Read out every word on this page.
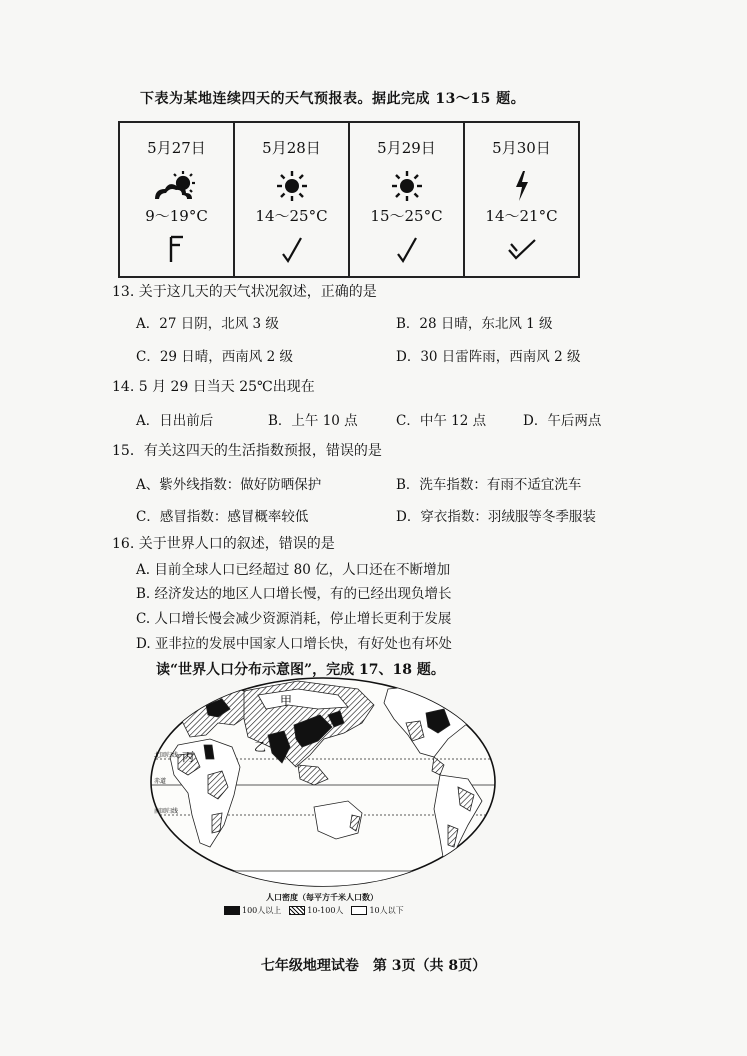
下表为某地连续四天的天气预报表。据此完成 13～15 题。
5月27日
9～19°C
5月28日
14～25°C
5月29日
15～25°C
5月30日
14～21°C
13. 关于这几天的天气状况叙述，正确的是
A．27 日阴，北风 3 级	B．28 日晴，东北风 1 级
C．29 日晴，西南风 2 级	D．30 日雷阵雨，西南风 2 级
14. 5 月 29 日当天 25℃出现在
A．日出前后	B．上午 10 点	C．中午 12 点	D．午后两点
15．有关这四天的生活指数预报，错误的是
A、紫外线指数：做好防晒保护	B．洗车指数：有雨不适宜洗车
C．感冒指数：感冒概率较低	D．穿衣指数：羽绒服等冬季服装
16. 关于世界人口的叙述，错误的是
A. 目前全球人口已经超过 80 亿，人口还在不断增加
B. 经济发达的地区人口增长慢，有的已经出现负增长
C. 人口增长慢会减少资源消耗，停止增长更利于发展
D. 亚非拉的发展中国家人口增长快，有好处也有坏处
读“世界人口分布示意图”，完成 17、18 题。
甲
乙
丙
北回归线
赤道
南回归线
人口密度（每平方千米人口数）
100人以上	10-100人	10人以下
七年级地理试卷　第 3页（共 8页）
